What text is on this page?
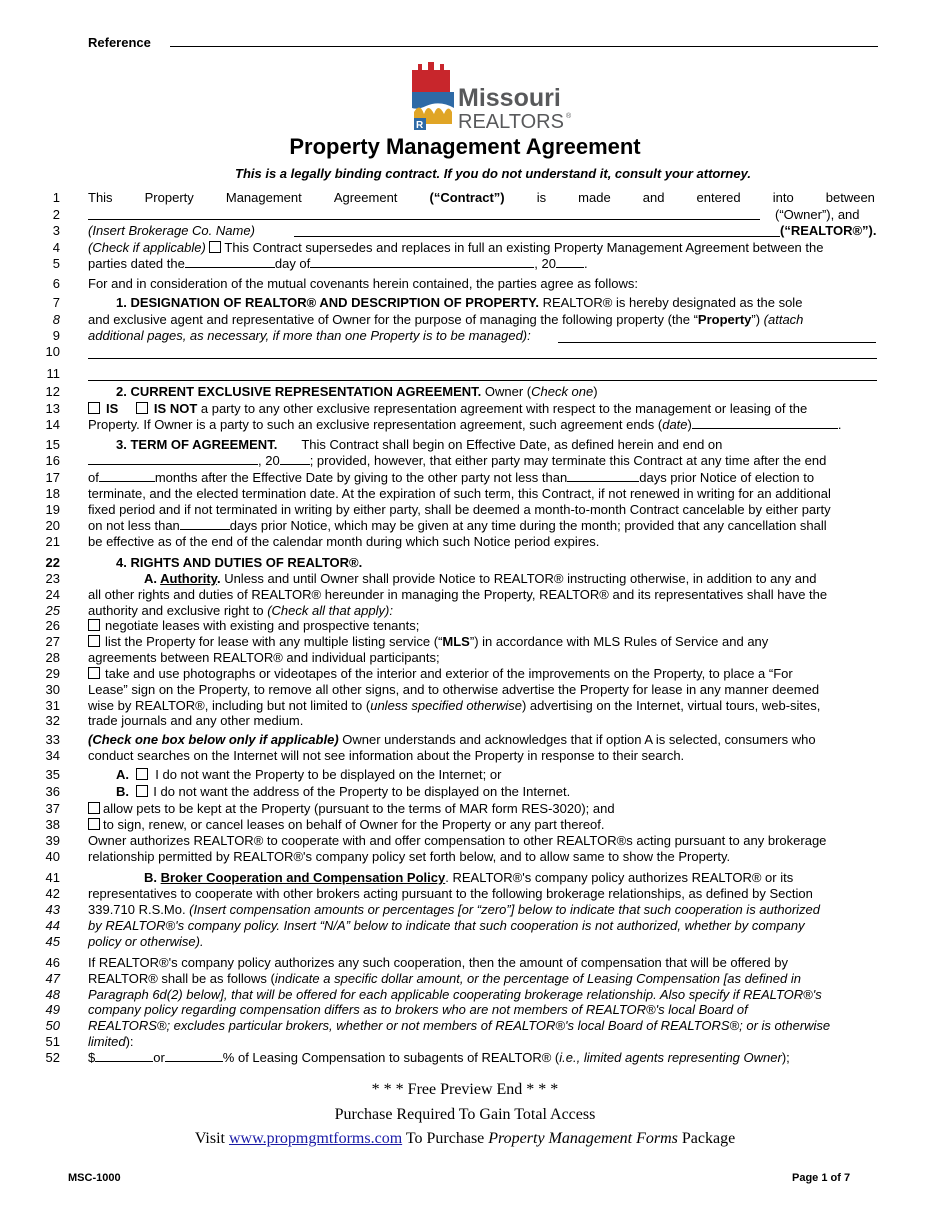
Reference
R
Missouri
REALTORS ®
Property Management Agreement
This is a legally binding contract. If you do not understand it, consult your attorney.
1
2
3
4
5
6
7
8
9
10
11
12
13
14
15
16
17
18
19
20
21
22
23
24
25
26
27
28
29
30
31
32
33
34
35
36
37
38
39
40
41
42
43
44
45
46
47
48
49
50
51
52
This Property Management Agreement (“Contract”) is made and entered into between
(“Owner”), and
(Insert Brokerage Co. Name)	(“REALTOR®”).
(Check if applicable) This Contract supersedes and replaces in full an existing Property Management Agreement between the
parties dated the	day of	, 20 .
For and in consideration of the mutual covenants herein contained, the parties agree as follows:
1. DESIGNATION OF REALTOR® AND DESCRIPTION OF PROPERTY. REALTOR® is hereby designated as the sole
and exclusive agent and representative of Owner for the purpose of managing the following property (the “Property”) (attach
additional pages, as necessary, if more than one Property is to be managed):
2. CURRENT EXCLUSIVE REPRESENTATION AGREEMENT. Owner (Check one)
IS	IS NOT a party to any other exclusive representation agreement with respect to the management or leasing of the
Property. If Owner is a party to such an exclusive representation agreement, such agreement ends (date)	.
3. TERM OF AGREEMENT. This Contract shall begin on Effective Date, as defined herein and end on
, 20 ; provided, however, that either party may terminate this Contract at any time after the end
of	months after the Effective Date by giving to the other party not less than	days prior Notice of election to
terminate, and the elected termination date. At the expiration of such term, this Contract, if not renewed in writing for an additional
fixed period and if not terminated in writing by either party, shall be deemed a month-to-month Contract cancelable by either party
on not less than	days prior Notice, which may be given at any time during the month; provided that any cancellation shall
be effective as of the end of the calendar month during which such Notice period expires.
4. RIGHTS AND DUTIES OF REALTOR®.
A. Authority. Unless and until Owner shall provide Notice to REALTOR® instructing otherwise, in addition to any and
all other rights and duties of REALTOR® hereunder in managing the Property, REALTOR® and its representatives shall have the
authority and exclusive right to (Check all that apply):
negotiate leases with existing and prospective tenants;
list the Property for lease with any multiple listing service (“MLS”) in accordance with MLS Rules of Service and any
agreements between REALTOR® and individual participants;
take and use photographs or videotapes of the interior and exterior of the improvements on the Property, to place a “For
Lease” sign on the Property, to remove all other signs, and to otherwise advertise the Property for lease in any manner deemed
wise by REALTOR®, including but not limited to (unless specified otherwise) advertising on the Internet, virtual tours, web-sites,
trade journals and any other medium.
(Check one box below only if applicable) Owner understands and acknowledges that if option A is selected, consumers who
conduct searches on the Internet will not see information about the Property in response to their search.
A. I do not want the Property to be displayed on the Internet; or
B. I do not want the address of the Property to be displayed on the Internet.
allow pets to be kept at the Property (pursuant to the terms of MAR form RES-3020); and
to sign, renew, or cancel leases on behalf of Owner for the Property or any part thereof.
Owner authorizes REALTOR® to cooperate with and offer compensation to other REALTOR®s acting pursuant to any brokerage
relationship permitted by REALTOR®'s company policy set forth below, and to allow same to show the Property.
B. Broker Cooperation and Compensation Policy. REALTOR®'s company policy authorizes REALTOR® or its
representatives to cooperate with other brokers acting pursuant to the following brokerage relationships, as defined by Section
339.710 R.S.Mo. (Insert compensation amounts or percentages [or “zero”] below to indicate that such cooperation is authorized
by REALTOR®'s company policy. Insert “N/A” below to indicate that such cooperation is not authorized, whether by company
policy or otherwise).
If REALTOR®'s company policy authorizes any such cooperation, then the amount of compensation that will be offered by
REALTOR® shall be as follows (indicate a specific dollar amount, or the percentage of Leasing Compensation [as defined in
Paragraph 6d(2) below], that will be offered for each applicable cooperating brokerage relationship. Also specify if REALTOR®'s
company policy regarding compensation differs as to brokers who are not members of REALTOR®'s local Board of
REALTORS®; excludes particular brokers, whether or not members of REALTOR®'s local Board of REALTORS®; or is otherwise
limited):
$	or	% of Leasing Compensation to subagents of REALTOR® (i.e., limited agents representing Owner);
* * * Free Preview End * * *
Purchase Required To Gain Total Access
Visit www.propmgmtforms.com To Purchase Property Management Forms Package
MSC-1000	Page 1 of 7
